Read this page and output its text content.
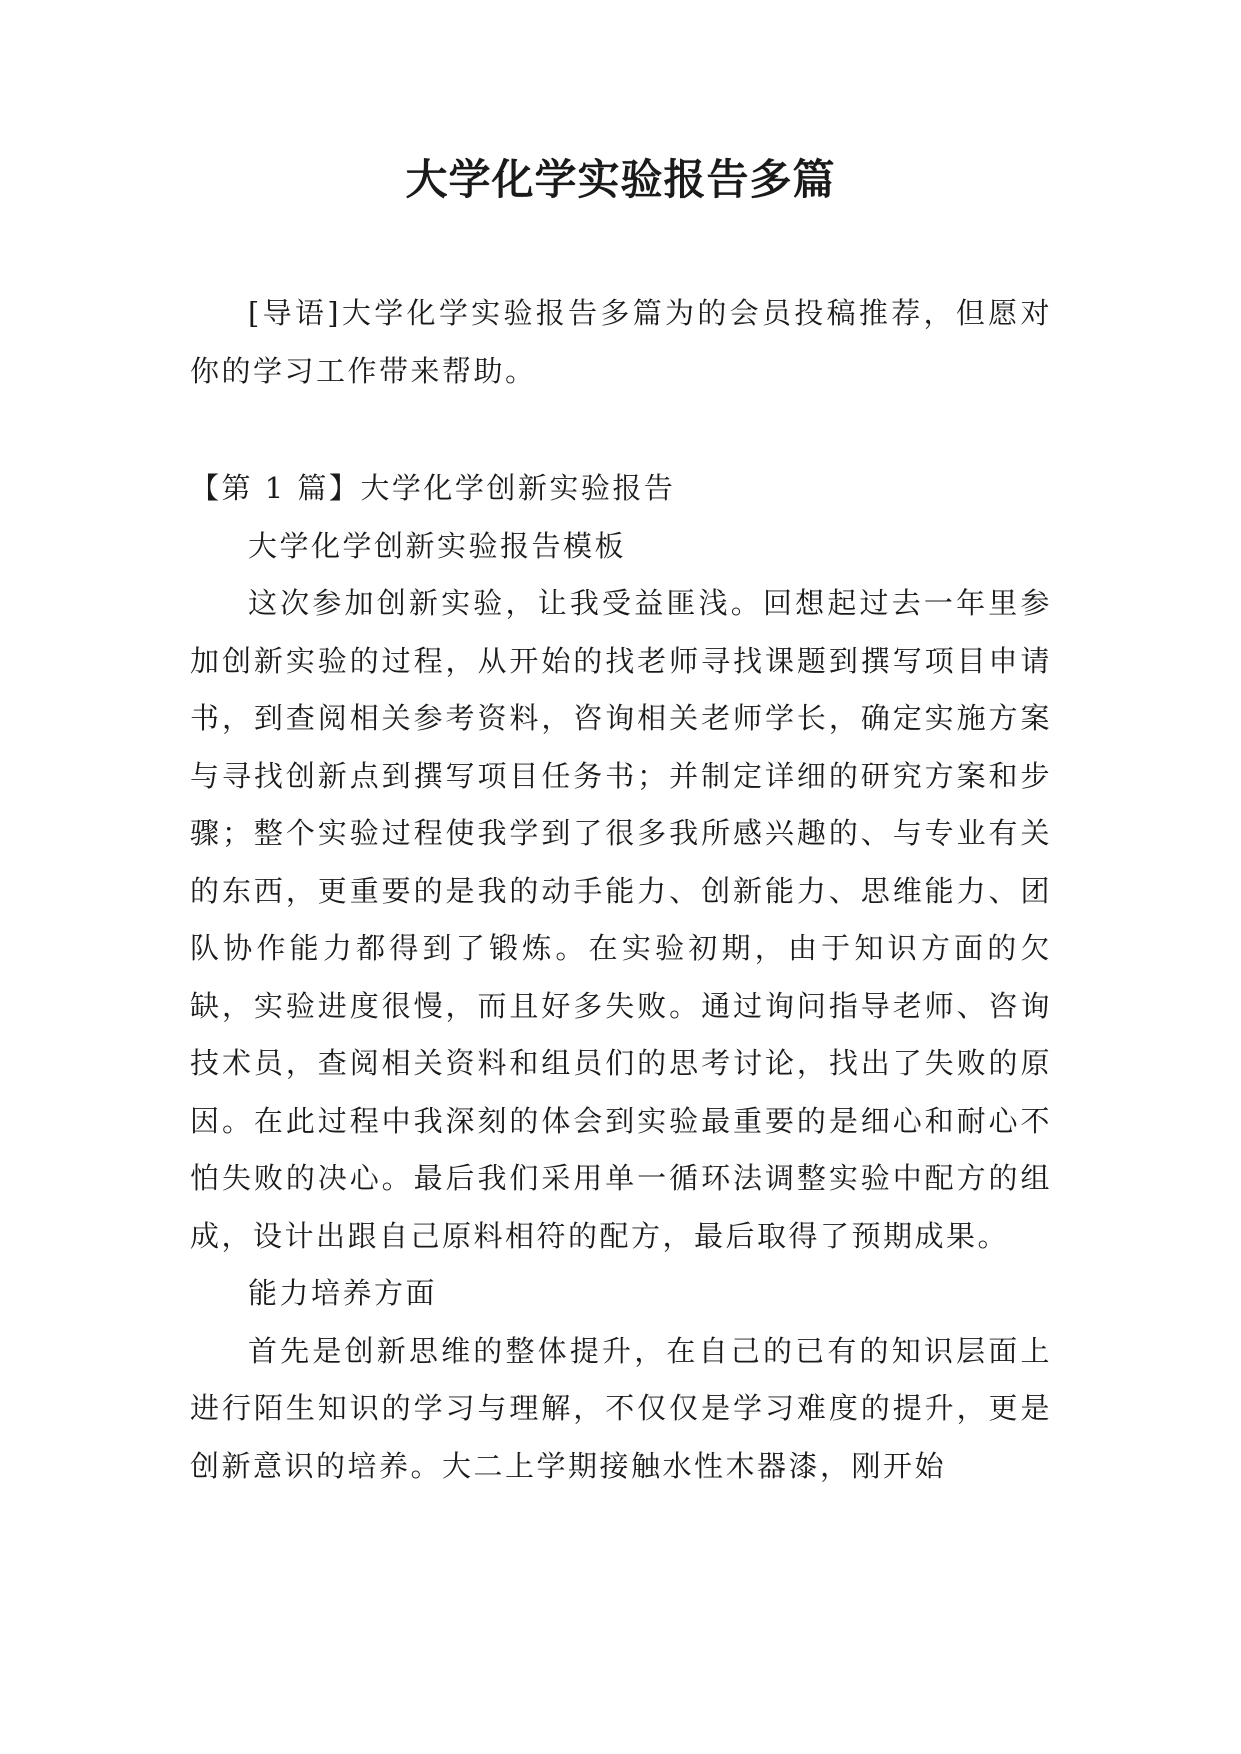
大学化学实验报告多篇

[导语]大学化学实验报告多篇为的会员投稿推荐，但愿对你的学习工作带来帮助。

【第 1 篇】大学化学创新实验报告

大学化学创新实验报告模板

这次参加创新实验，让我受益匪浅。回想起过去一年里参加创新实验的过程，从开始的找老师寻找课题到撰写项目申请书，到查阅相关参考资料，咨询相关老师学长，确定实施方案与寻找创新点到撰写项目任务书；并制定详细的研究方案和步骤；整个实验过程使我学到了很多我所感兴趣的、与专业有关的东西，更重要的是我的动手能力、创新能力、思维能力、团队协作能力都得到了锻炼。在实验初期，由于知识方面的欠缺，实验进度很慢，而且好多失败。通过询问指导老师、咨询技术员，查阅相关资料和组员们的思考讨论，找出了失败的原因。在此过程中我深刻的体会到实验最重要的是细心和耐心不怕失败的决心。最后我们采用单一循环法调整实验中配方的组成，设计出跟自己原料相符的配方，最后取得了预期成果。

能力培养方面

首先是创新思维的整体提升，在自己的已有的知识层面上进行陌生知识的学习与理解，不仅仅是学习难度的提升，更是创新意识的培养。大二上学期接触水性木器漆，刚开始
